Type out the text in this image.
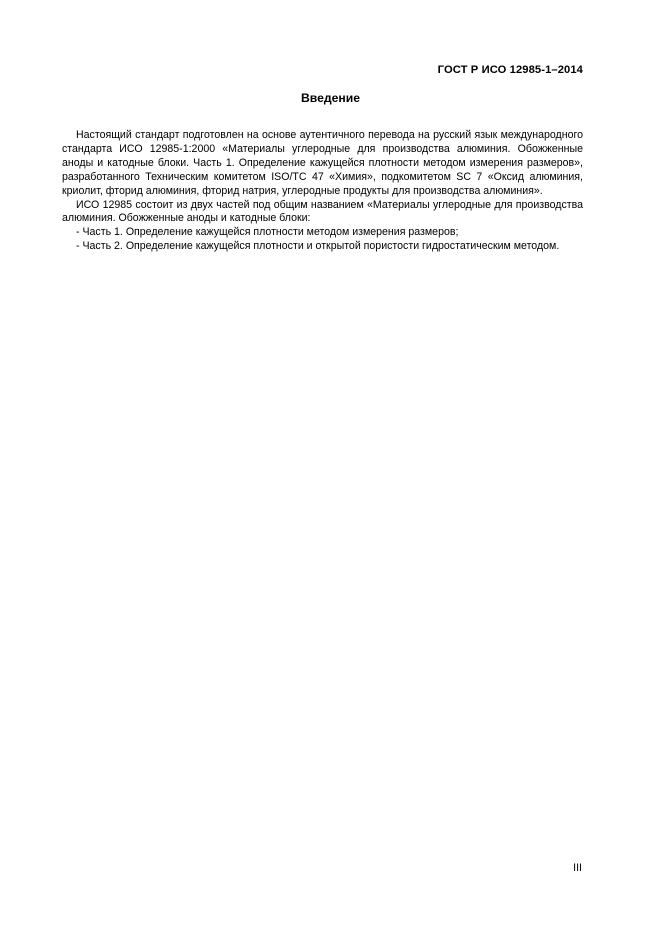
ГОСТ Р ИСО 12985-1–2014
Введение

Настоящий стандарт подготовлен на основе аутентичного перевода на русский язык международного стандарта ИСО 12985-1:2000 «Материалы углеродные для производства алюминия. Обожженные аноды и катодные блоки. Часть 1. Определение кажущейся плотности методом измерения размеров», разработанного Техническим комитетом ISO/TC 47 «Химия», подкомитетом SC 7 «Оксид алюминия, криолит, фторид алюминия, фторид натрия, углеродные продукты для производства алюминия».

ИСО 12985 состоит из двух частей под общим названием «Материалы углеродные для производства алюминия. Обожженные аноды и катодные блоки:

- Часть 1. Определение кажущейся плотности методом измерения размеров;

- Часть 2. Определение кажущейся плотности и открытой пористости гидростатическим методом.

III
